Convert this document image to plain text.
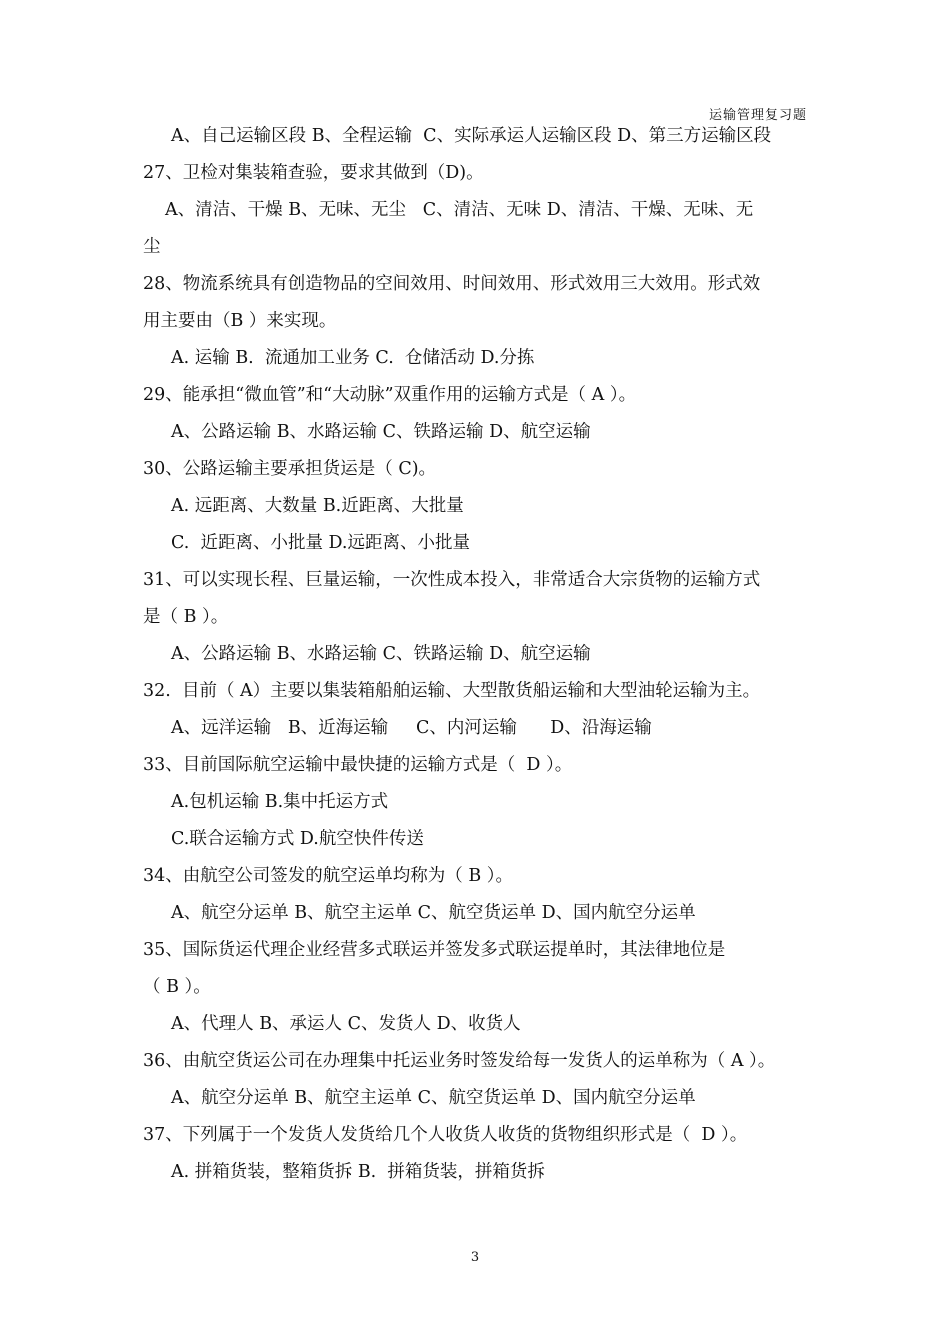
运输管理复习题
A、自己运输区段 B、全程运输  C、实际承运人运输区段 D、第三方运输区段
27、卫检对集装箱查验，要求其做到（D)。
A、清洁、干燥 B、无味、无尘   C、清洁、无味 D、清洁、干燥、无味、无
尘
28、物流系统具有创造物品的空间效用、时间效用、形式效用三大效用。形式效
用主要由（B ）来实现。
A. 运输 B.  流通加工业务 C.  仓储活动 D.分拣
29、能承担“微血管”和“大动脉”双重作用的运输方式是（ A ）。
A、公路运输 B、水路运输 C、铁路运输 D、航空运输
30、公路运输主要承担货运是（ C)。
A. 远距离、大数量 B.近距离、大批量
C.  近距离、小批量 D.远距离、小批量
31、可以实现长程、巨量运输，一次性成本投入，非常适合大宗货物的运输方式
是（ B ）。
A、公路运输 B、水路运输 C、铁路运输 D、航空运输
32.  目前（ A）主要以集装箱船舶运输、大型散货船运输和大型油轮运输为主。
A、远洋运输   B、近海运输     C、内河运输      D、沿海运输
33、目前国际航空运输中最快捷的运输方式是（  D ）。
A.包机运输 B.集中托运方式
C.联合运输方式 D.航空快件传送
34、由航空公司签发的航空运单均称为（ B ）。
A、航空分运单 B、航空主运单 C、航空货运单 D、国内航空分运单
35、国际货运代理企业经营多式联运并签发多式联运提单时，其法律地位是
（ B ）。
A、代理人 B、承运人 C、发货人 D、收货人
36、由航空货运公司在办理集中托运业务时签发给每一发货人的运单称为（ A ）。
A、航空分运单 B、航空主运单 C、航空货运单 D、国内航空分运单
37、下列属于一个发货人发货给几个人收货人收货的货物组织形式是（  D ）。
A. 拼箱货装，整箱货拆 B.  拼箱货装，拼箱货拆
3
